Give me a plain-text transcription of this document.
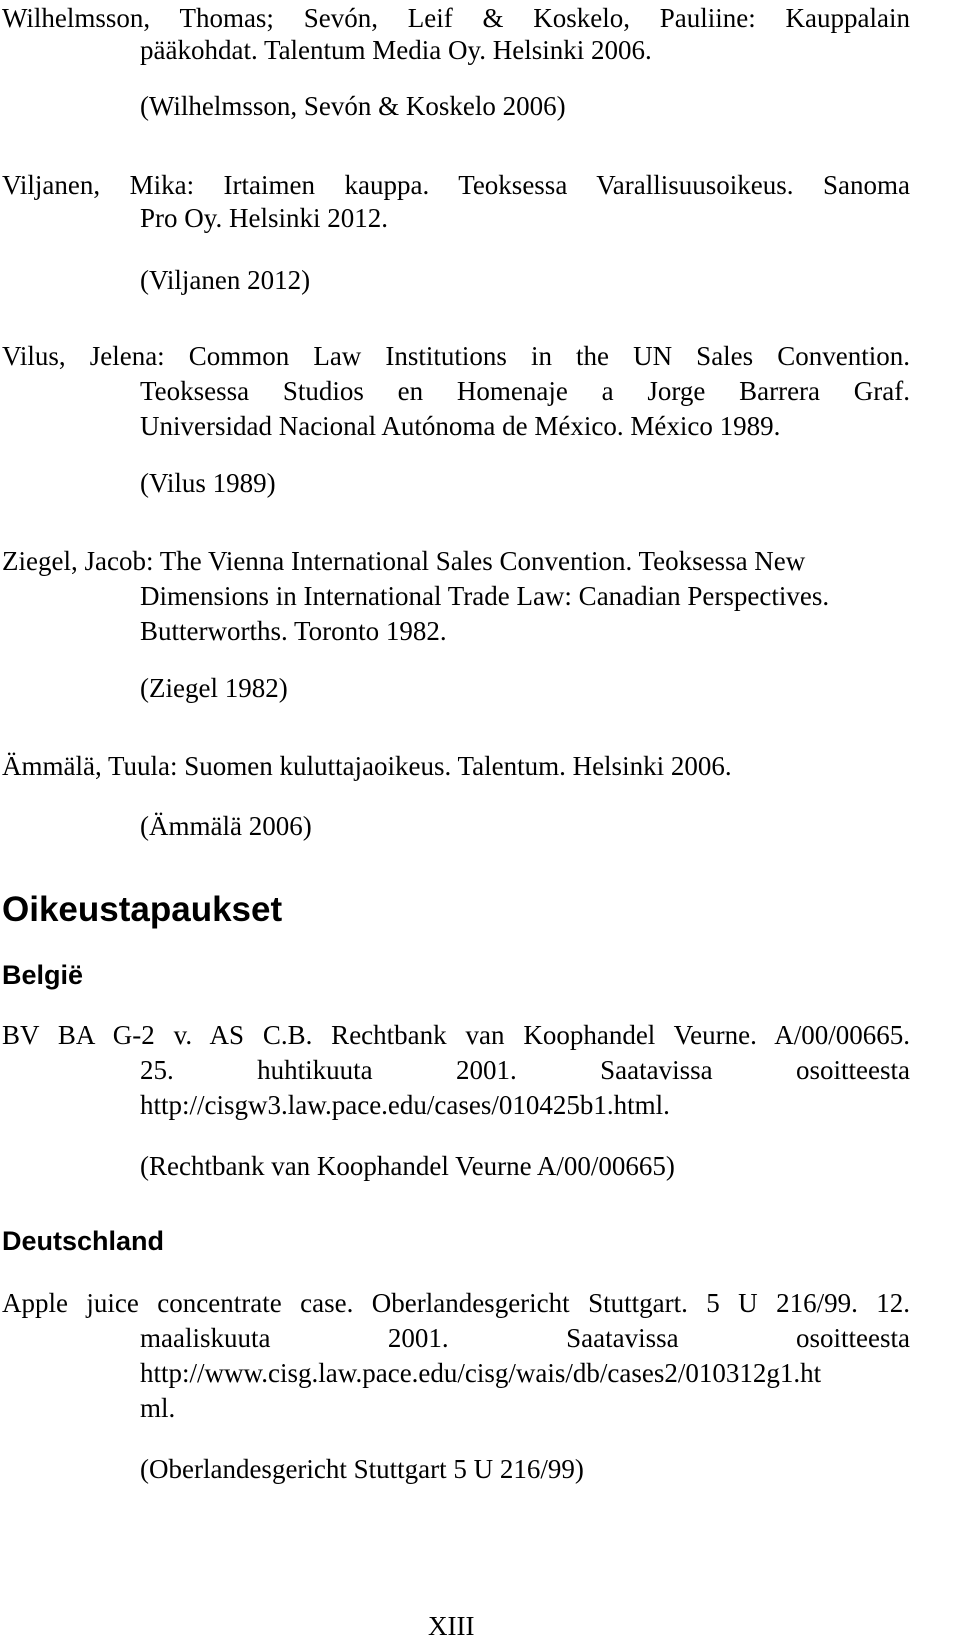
Wilhelmsson, Thomas; Sevón, Leif & Koskelo, Pauliine: Kauppalain

pääkohdat. Talentum Media Oy. Helsinki 2006.

(Wilhelmsson, Sevón & Koskelo 2006)

Viljanen, Mika: Irtaimen kauppa. Teoksessa Varallisuusoikeus. Sanoma

Pro Oy. Helsinki 2012.

(Viljanen 2012)

Vilus, Jelena: Common Law Institutions in the UN Sales Convention.

Teoksessa Studios en Homenaje a Jorge Barrera Graf.

Universidad Nacional Autónoma de México. México 1989.

(Vilus 1989)

Ziegel, Jacob: The Vienna International Sales Convention. Teoksessa New

Dimensions in International Trade Law: Canadian Perspectives.

Butterworths. Toronto 1982.

(Ziegel 1982)

Ämmälä, Tuula: Suomen kuluttajaoikeus. Talentum. Helsinki 2006.

(Ämmälä 2006)

Oikeustapaukset
België

BV BA G-2 v. AS C.B. Rechtbank van Koophandel Veurne. A/00/00665.

25. huhtikuuta 2001. Saatavissa osoitteesta

http://cisgw3.law.pace.edu/cases/010425b1.html.

(Rechtbank van Koophandel Veurne A/00/00665)

Deutschland

Apple juice concentrate case. Oberlandesgericht Stuttgart. 5 U 216/99. 12.

maaliskuuta 2001. Saatavissa osoitteesta

http://www.cisg.law.pace.edu/cisg/wais/db/cases2/010312g1.ht

ml.

(Oberlandesgericht Stuttgart 5 U 216/99)

XIII
